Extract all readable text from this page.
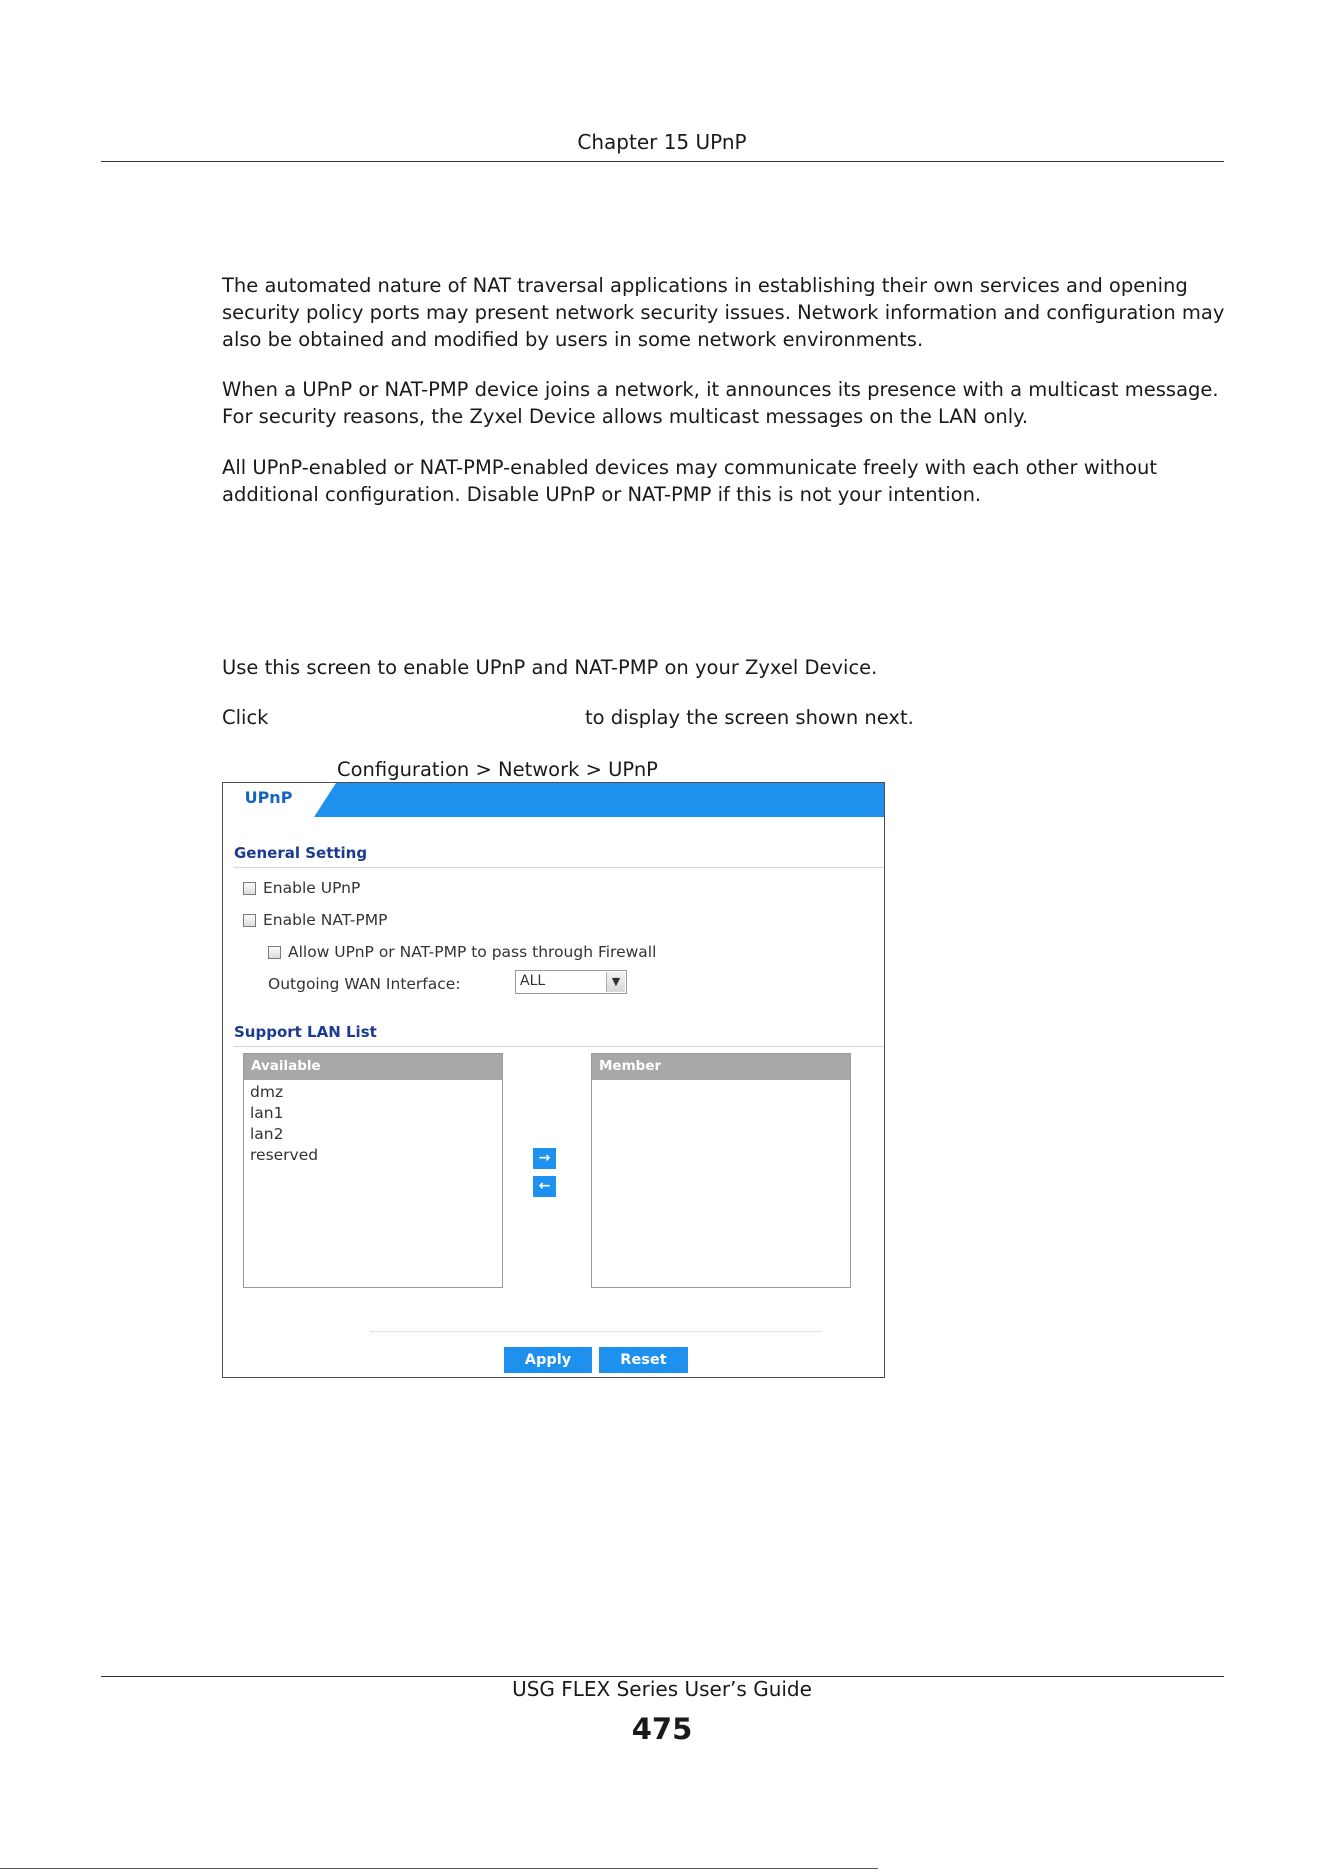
Chapter 15 UPnP

The automated nature of NAT traversal applications in establishing their own services and opening security policy ports may present network security issues. Network information and configuration may also be obtained and modified by users in some network environments.

When a UPnP or NAT-PMP device joins a network, it announces its presence with a multicast message. For security reasons, the Zyxel Device allows multicast messages on the LAN only.

All UPnP-enabled or NAT-PMP-enabled devices may communicate freely with each other without additional configuration. Disable UPnP or NAT-PMP if this is not your intention.

Use this screen to enable UPnP and NAT-PMP on your Zyxel Device.

Click	to display the screen shown next.
Configuration > Network > UPnP
UPnP
General Setting
Enable UPnP
Enable NAT-PMP
Allow UPnP or NAT-PMP to pass through Firewall
Outgoing WAN Interface:	ALL	▼
Support LAN List
Available
dmz
lan1
lan2
reserved	→
←
Member
Apply	Reset
USG FLEX Series User’s Guide
475
